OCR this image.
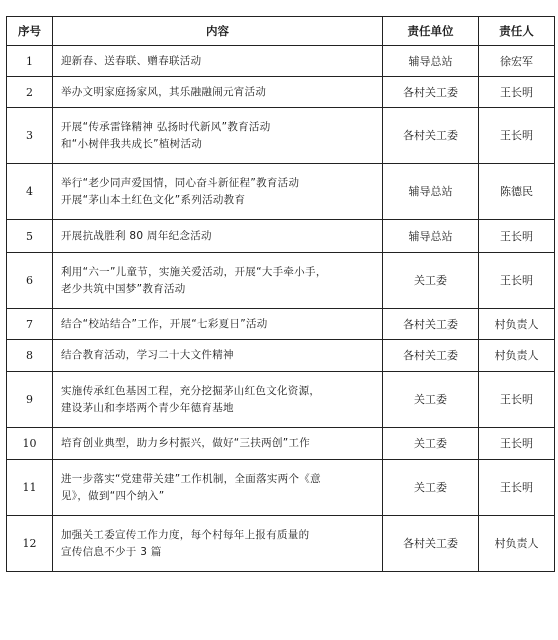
序号	内容	责任单位	责任人
1	迎新春、送春联、赠春联活动	辅导总站	徐宏军
2	举办文明家庭扬家风，其乐融融闹元宵活动	各村关工委	王长明
3	开展“传承雷锋精神 弘扬时代新风”教育活动
和“小树伴我共成长”植树活动	各村关工委	王长明
4	举行“老少同声爱国情，同心奋斗新征程”教育活动
开展“茅山本土红色文化”系列活动教育	辅导总站	陈德民
5	开展抗战胜利 80 周年纪念活动	辅导总站	王长明
6	利用“六一”儿童节，实施关爱活动，开展“大手牵小手，
老少共筑中国梦”教育活动	关工委	王长明
7	结合“校站结合”工作，开展“七彩夏日”活动	各村关工委	村负责人
8	结合教育活动，学习二十大文件精神	各村关工委	村负责人
9	实施传承红色基因工程，充分挖掘茅山红色文化资源，
建设茅山和李塔两个青少年德育基地	关工委	王长明
10	培育创业典型，助力乡村振兴，做好“三扶两创”工作	关工委	王长明
11	进一步落实“党建带关建”工作机制，全面落实两个《意
见》，做到“四个纳入”	关工委	王长明
12	加强关工委宣传工作力度，每个村每年上报有质量的
宣传信息不少于 3 篇	各村关工委	村负责人
